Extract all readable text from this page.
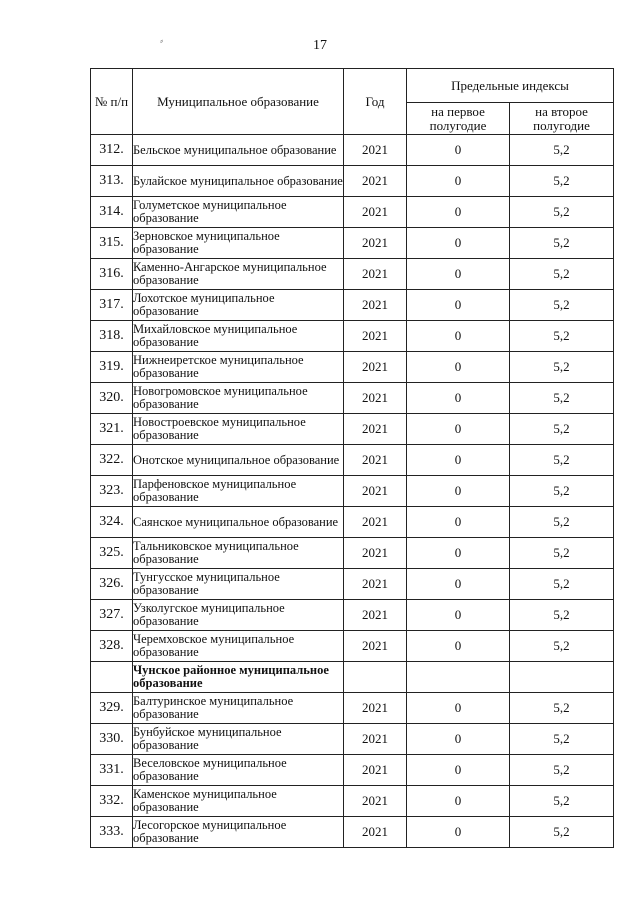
17
⸗
№ п/п	Муниципальное образование	Год	Предельные индексы	
			на первое полугодие	на второе полугодие
312.	Бельское муниципальное образование	2021	0	5,2
313.	Булайское муниципальное образование	2021	0	5,2
314.	Голуметское муниципальное образование	2021	0	5,2
315.	Зерновское муниципальное образование	2021	0	5,2
316.	Каменно-Ангарское муниципальное образование	2021	0	5,2
317.	Лохотское муниципальное образование	2021	0	5,2
318.	Михайловское муниципальное образование	2021	0	5,2
319.	Нижнеиретское муниципальное образование	2021	0	5,2
320.	Новогромовское муниципальное образование	2021	0	5,2
321.	Новостроевское муниципальное образование	2021	0	5,2
322.	Онотское муниципальное образование	2021	0	5,2
323.	Парфеновское муниципальное образование	2021	0	5,2
324.	Саянское муниципальное образование	2021	0	5,2
325.	Тальниковское муниципальное образование	2021	0	5,2
326.	Тунгусское муниципальное образование	2021	0	5,2
327.	Узколугское муниципальное образование	2021	0	5,2
328.	Черемховское муниципальное образование	2021	0	5,2
	Чунское районное муниципальное образование			
329.	Балтуринское муниципальное образование	2021	0	5,2
330.	Бунбуйское муниципальное образование	2021	0	5,2
331.	Веселовское муниципальное образование	2021	0	5,2
332.	Каменское муниципальное образование	2021	0	5,2
333.	Лесогорское муниципальное образование	2021	0	5,2
